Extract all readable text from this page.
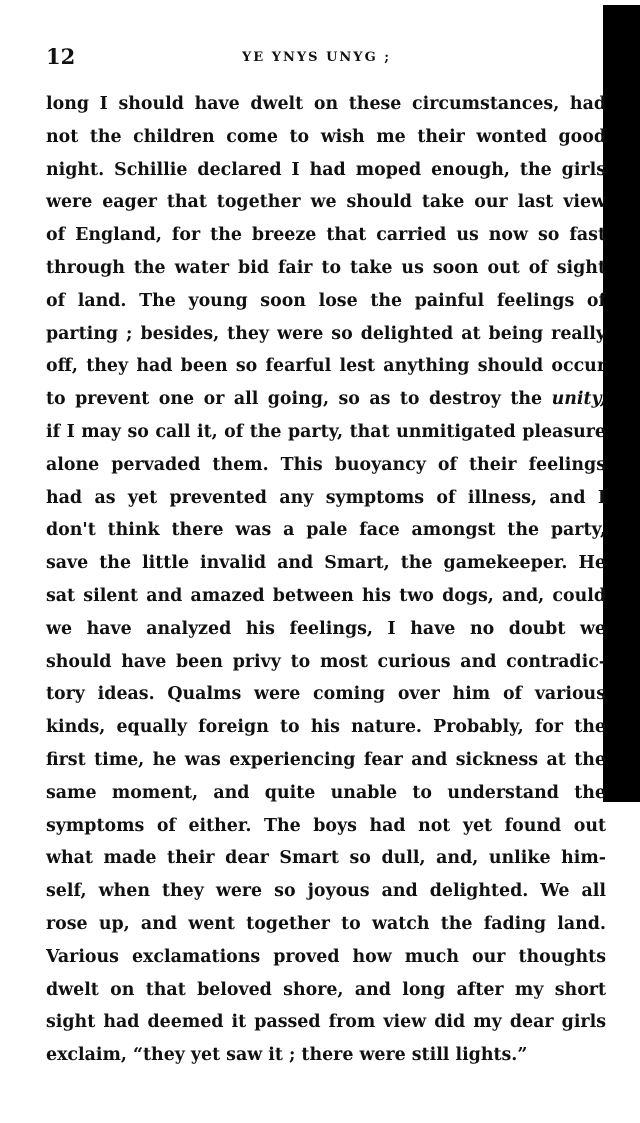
12	YE YNYS UNYG ;
long I should have dwelt on these circumstances, had
not the children come to wish me their wonted good
night. Schillie declared I had moped enough, the girls
were eager that together we should take our last view
of England, for the breeze that carried us now so fast
through the water bid fair to take us soon out of sight
of land. The young soon lose the painful feelings of
parting ; besides, they were so delighted at being really
off, they had been so fearful lest anything should occur
to prevent one or all going, so as to destroy the unity,
if I may so call it, of the party, that unmitigated pleasure
alone pervaded them. This buoyancy of their feelings
had as yet prevented any symptoms of illness, and I
don't think there was a pale face amongst the party,
save the little invalid and Smart, the gamekeeper. He
sat silent and amazed between his two dogs, and, could
we have analyzed his feelings, I have no doubt we
should have been privy to most curious and contradic-
tory ideas. Qualms were coming over him of various
kinds, equally foreign to his nature. Probably, for the
first time, he was experiencing fear and sickness at the
same moment, and quite unable to understand the
symptoms of either. The boys had not yet found out
what made their dear Smart so dull, and, unlike him-
self, when they were so joyous and delighted. We all
rose up, and went together to watch the fading land.
Various exclamations proved how much our thoughts
dwelt on that beloved shore, and long after my short
sight had deemed it passed from view did my dear girls
exclaim, “they yet saw it ; there were still lights.”
